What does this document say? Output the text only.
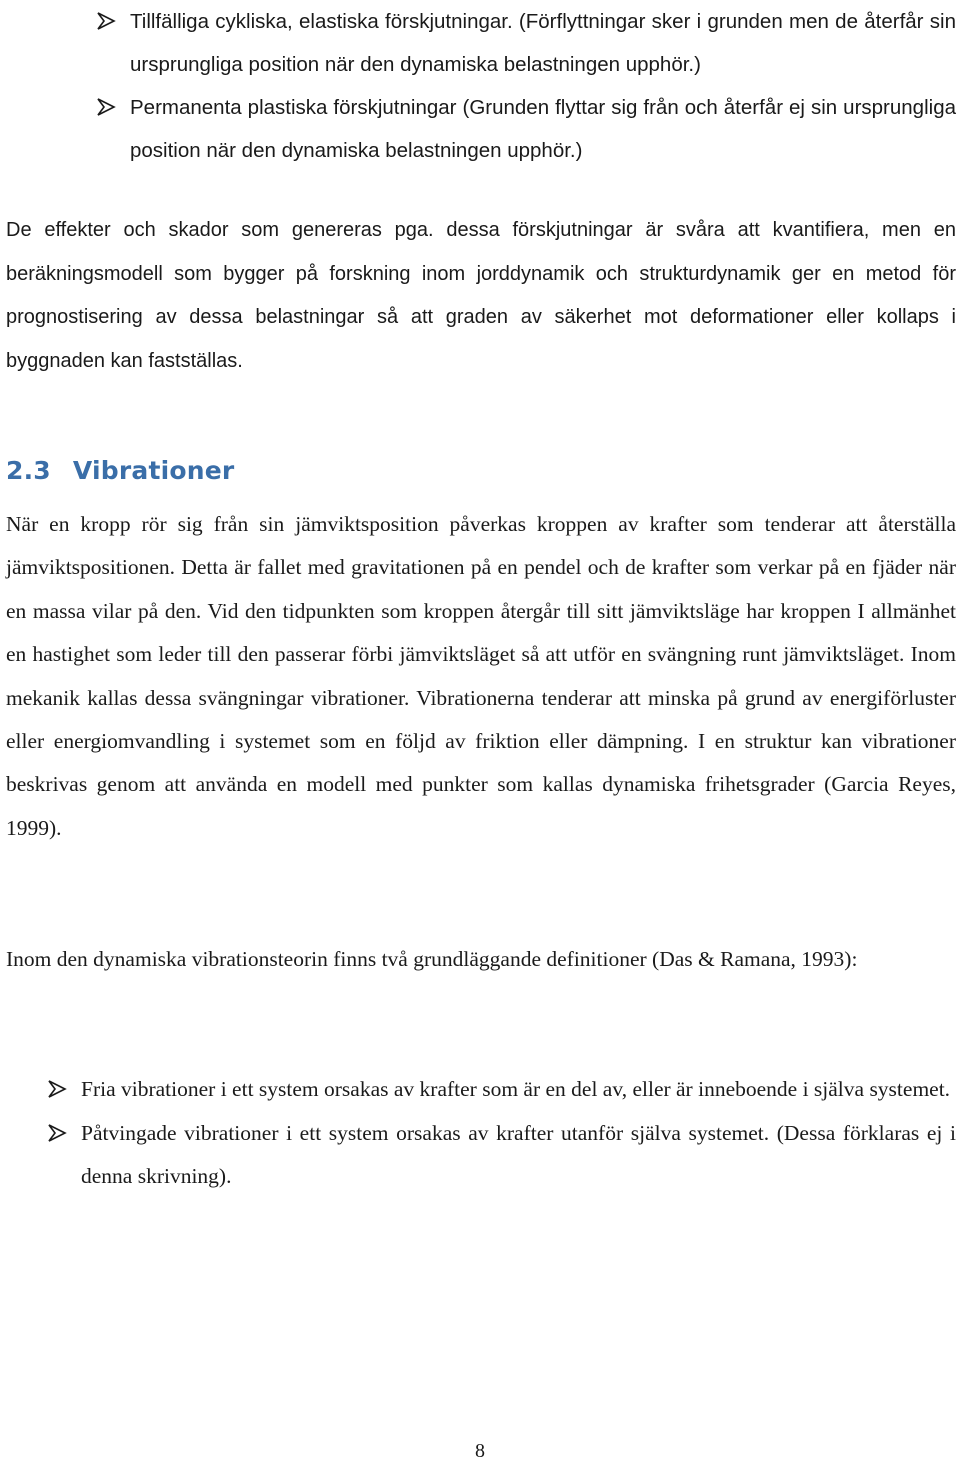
Tillfälliga cykliska, elastiska förskjutningar. (Förflyttningar sker i grunden men de återfår sin ursprungliga position när den dynamiska belastningen upphör.)
Permanenta plastiska förskjutningar (Grunden flyttar sig från och återfår ej sin ursprungliga position när den dynamiska belastningen upphör.)

De effekter och skador som genereras pga. dessa förskjutningar är svåra att kvantifiera, men en beräkningsmodell som bygger på forskning inom jorddynamik och strukturdynamik ger en metod för prognostisering av dessa belastningar så att graden av säkerhet mot deformationer eller kollaps i byggnaden kan fastställas.

2.3 Vibrationer

När en kropp rör sig från sin jämviktsposition påverkas kroppen av krafter som tenderar att återställa jämviktspositionen. Detta är fallet med gravitationen på en pendel och de krafter som verkar på en fjäder när en massa vilar på den. Vid den tidpunkten som kroppen återgår till sitt jämviktsläge har kroppen I allmänhet en hastighet som leder till den passerar förbi jämviktsläget så att utför en svängning runt jämviktsläget. Inom mekanik kallas dessa svängningar vibrationer. Vibrationerna tenderar att minska på grund av energiförluster eller energiomvandling i systemet som en följd av friktion eller dämpning. I en struktur kan vibrationer beskrivas genom att använda en modell med punkter som kallas dynamiska frihetsgrader (Garcia Reyes, 1999).

Inom den dynamiska vibrationsteorin finns två grundläggande definitioner (Das & Ramana, 1993):

Fria vibrationer i ett system orsakas av krafter som är en del av, eller är inneboende i själva systemet.
Påtvingade vibrationer i ett system orsakas av krafter utanför själva systemet. (Dessa förklaras ej i denna skrivning).
8
